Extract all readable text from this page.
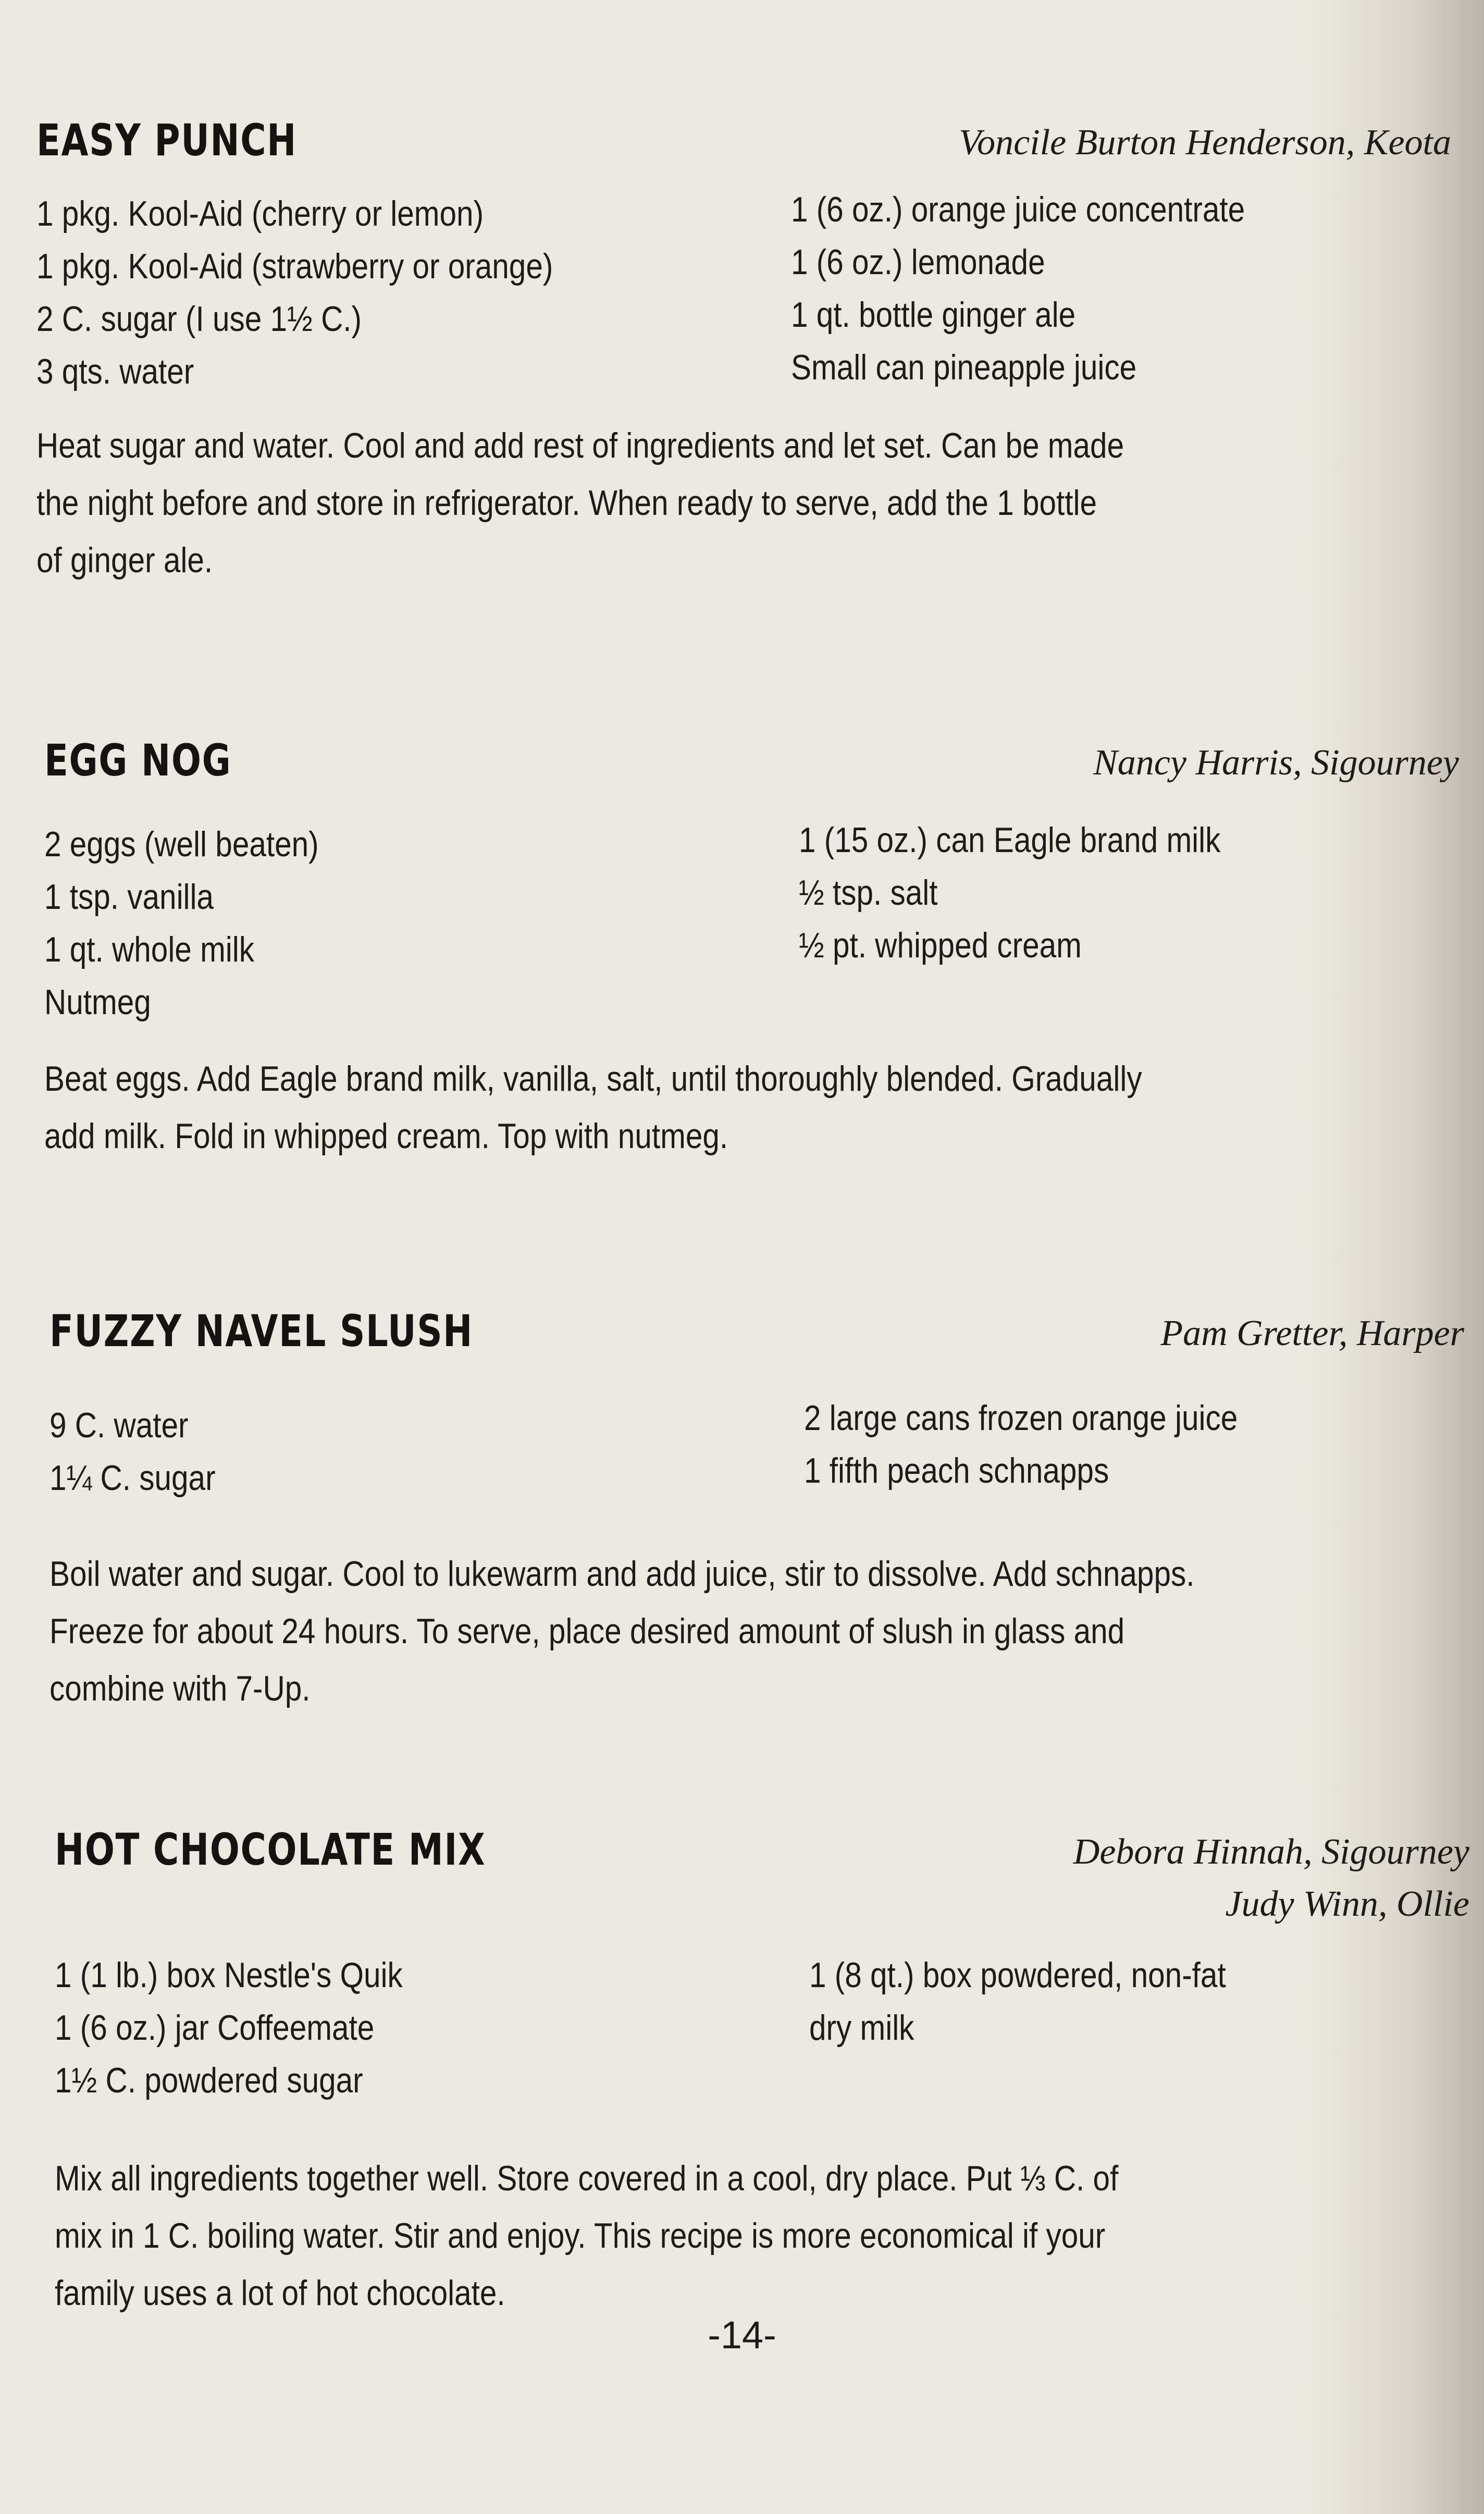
EASY PUNCH	Voncile Burton Henderson, Keota
1 pkg. Kool-Aid (cherry or lemon)
1 pkg. Kool-Aid (strawberry or orange)
2 C. sugar (I use 1½ C.)
3 qts. water
1 (6 oz.) orange juice concentrate
1 (6 oz.) lemonade
1 qt. bottle ginger ale
Small can pineapple juice
Heat sugar and water. Cool and add rest of ingredients and let set. Can be made
the night before and store in refrigerator. When ready to serve, add the 1 bottle
of ginger ale.
EGG NOG	Nancy Harris, Sigourney
2 eggs (well beaten)
1 tsp. vanilla
1 qt. whole milk
Nutmeg
1 (15 oz.) can Eagle brand milk
½ tsp. salt
½ pt. whipped cream
Beat eggs. Add Eagle brand milk, vanilla, salt, until thoroughly blended. Gradually
add milk. Fold in whipped cream. Top with nutmeg.
FUZZY NAVEL SLUSH	Pam Gretter, Harper
9 C. water
1¼ C. sugar
2 large cans frozen orange juice
1 fifth peach schnapps
Boil water and sugar. Cool to lukewarm and add juice, stir to dissolve. Add schnapps.
Freeze for about 24 hours. To serve, place desired amount of slush in glass and
combine with 7-Up.
HOT CHOCOLATE MIX	Debora Hinnah, Sigourney
Judy Winn, Ollie
1 (1 lb.) box Nestle's Quik
1 (6 oz.) jar Coffeemate
1½ C. powdered sugar
1 (8 qt.) box powdered, non-fat
dry milk
Mix all ingredients together well. Store covered in a cool, dry place. Put ⅓ C. of
mix in 1 C. boiling water. Stir and enjoy. This recipe is more economical if your
family uses a lot of hot chocolate.
-14-
